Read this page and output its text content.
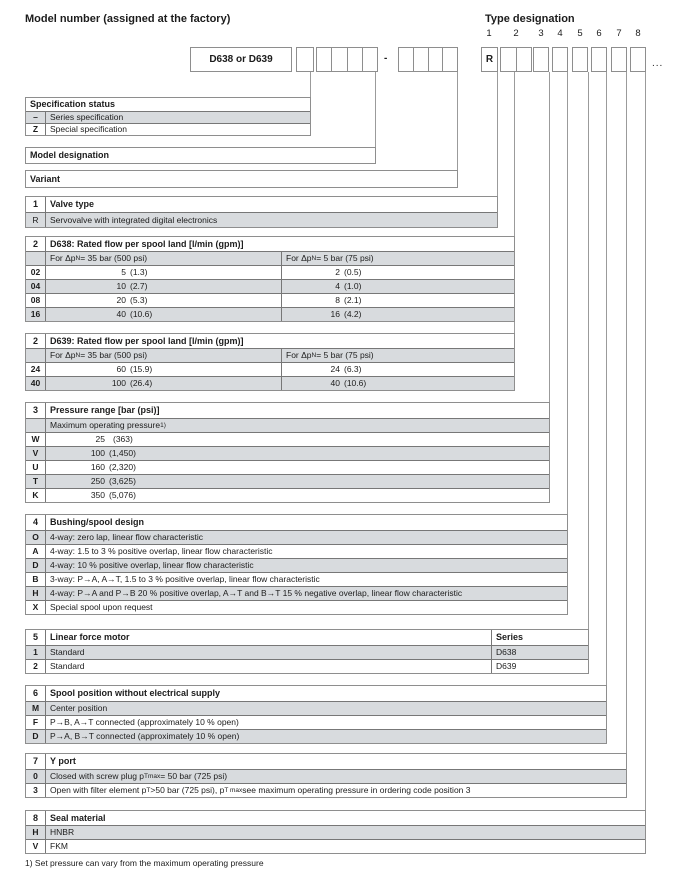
Model number (assigned at the factory)	Type designation
1 2 3 4 5 6 7 8
D638 or D639	-	R	...
Specification status
–	Series specification
Z	Special specification
Model designation
Variant
1	Valve type
R	Servovalve with integrated digital electronics
2	D638: Rated flow per spool land [l/min (gpm)]
For Δp N = 35 bar (500 psi)	For Δp N = 5 bar (75 psi)
02	5 (1.3)	2 (0.5)
04	10 (2.7)	4 (1.0)
08	20 (5.3)	8 (2.1)
16	40 (10.6)	16 (4.2)
2	D639: Rated flow per spool land [l/min (gpm)]
For Δp N = 35 bar (500 psi)	For Δp N = 5 bar (75 psi)
24	60 (15.9)	24 (6.3)
40	100 (26.4)	40 (10.6)
3	Pressure range [bar (psi)]
Maximum operating pressure 1)
W	25 (363)
V	100 (1,450)
U	160 (2,320)
T	250 (3,625)
K	350 (5,076)
4	Bushing/spool design
O	4-way: zero lap, linear flow characteristic
A	4-way: 1.5 to 3 % positive overlap, linear flow characteristic
D	4-way: 10 % positive overlap, linear flow characteristic
B	3-way: P→A, A→T, 1.5 to 3 % positive overlap, linear flow characteristic
H	4-way: P→A and P→B 20 % positive overlap, A→T and B→T 15 % negative overlap, linear flow characteristic
X	Special spool upon request
5	Linear force motor	Series
1	Standard	D638
2	Standard	D639
6	Spool position without electrical supply
M	Center position
F	P→B, A→T connected (approximately 10 % open)
D	P→A, B→T connected (approximately 10 % open)
7	Y port
0	Closed with screw plug p Tmax = 50 bar (725 psi)
3	Open with filter element p T >50 bar (725 psi), p T max see maximum operating pressure in ordering code position 3
8	Seal material
H	HNBR
V	FKM
1) Set pressure can vary from the maximum operating pressure
